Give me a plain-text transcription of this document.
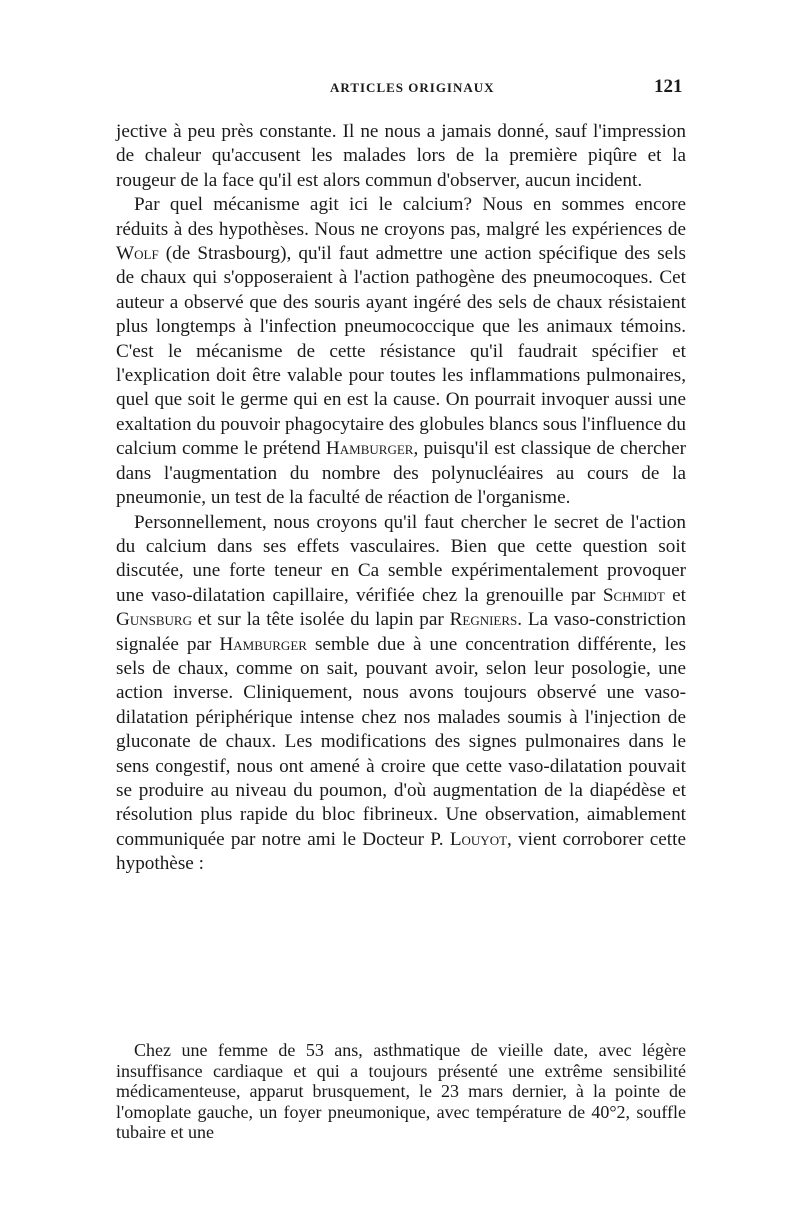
ARTICLES ORIGINAUX	121

jective à peu près constante. Il ne nous a jamais donné, sauf l'impression de chaleur qu'accusent les malades lors de la première piqûre et la rougeur de la face qu'il est alors commun d'observer, aucun incident.

Par quel mécanisme agit ici le calcium? Nous en sommes encore réduits à des hypothèses. Nous ne croyons pas, malgré les expériences de Wolf (de Strasbourg), qu'il faut admettre une action spécifique des sels de chaux qui s'opposeraient à l'action pathogène des pneumocoques. Cet auteur a observé que des souris ayant ingéré des sels de chaux résistaient plus longtemps à l'infection pneumococcique que les animaux témoins. C'est le mécanisme de cette résistance qu'il faudrait spécifier et l'explication doit être valable pour toutes les inflammations pulmonaires, quel que soit le germe qui en est la cause. On pourrait invoquer aussi une exaltation du pouvoir phagocytaire des globules blancs sous l'influence du calcium comme le prétend Hamburger, puisqu'il est classique de chercher dans l'augmentation du nombre des polynucléaires au cours de la pneumonie, un test de la faculté de réaction de l'organisme.

Personnellement, nous croyons qu'il faut chercher le secret de l'action du calcium dans ses effets vasculaires. Bien que cette question soit discutée, une forte teneur en Ca semble expérimentalement provoquer une vaso-dilatation capillaire, vérifiée chez la grenouille par Schmidt et Gunsburg et sur la tête isolée du lapin par Regniers. La vaso-constriction signalée par Hamburger semble due à une concentration différente, les sels de chaux, comme on sait, pouvant avoir, selon leur posologie, une action inverse. Cliniquement, nous avons toujours observé une vaso-dilatation périphérique intense chez nos malades soumis à l'injection de gluconate de chaux. Les modifications des signes pulmonaires dans le sens congestif, nous ont amené à croire que cette vaso-dilatation pouvait se produire au niveau du poumon, d'où augmentation de la diapédèse et résolution plus rapide du bloc fibrineux. Une observation, aimablement communiquée par notre ami le Docteur P. Louyot, vient corroborer cette hypothèse :

Chez une femme de 53 ans, asthmatique de vieille date, avec légère insuffisance cardiaque et qui a toujours présenté une extrême sensibilité médicamenteuse, apparut brusquement, le 23 mars dernier, à la pointe de l'omoplate gauche, un foyer pneumonique, avec température de 40°2, souffle tubaire et une
